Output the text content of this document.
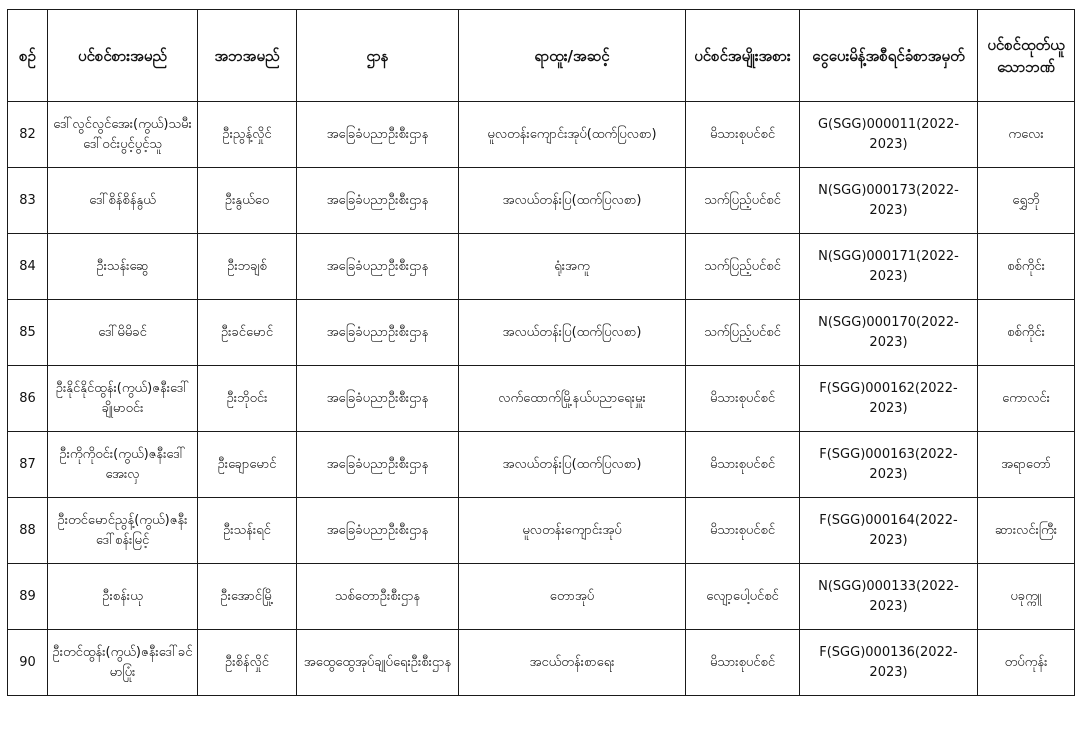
စဉ်	ပင်စင်စားအမည်	အဘအမည်	ဌာန	ရာထူး/အဆင့်	ပင်စင်အမျိုးအစား	ငွေပေးမိန့်အစီရင်ခံစာအမှတ်	ပင်စင်ထုတ်ယူသောဘဏ်
82	ဒေါ်လွင်လွင်အေး(ကွယ်)သမီးဒေါ်ဝင်းပွင့်ပွင့်သူ	ဦးညွန့်လှိုင်	အခြေခံပညာဦးစီးဌာန	မူလတန်းကျောင်းအုပ်(ထက်ပြလစာ)	မိသားစုပင်စင်	G(SGG)000011(2022-2023)	ကလေး
83	ဒေါ်စိန်စိန်နွယ်	ဦးနွယ်ဝေ	အခြေခံပညာဦးစီးဌာန	အလယ်တန်းပြ(ထက်ပြလစာ)	သက်ပြည့်ပင်စင်	N(SGG)000173(2022-2023)	ရွှေဘို
84	ဦးသန်းဆွေ	ဦးဘချစ်	အခြေခံပညာဦးစီးဌာန	ရုံးအကူ	သက်ပြည့်ပင်စင်	N(SGG)000171(2022-2023)	စစ်ကိုင်း
85	ဒေါ်မိမိခင်	ဦးခင်မောင်	အခြေခံပညာဦးစီးဌာန	အလယ်တန်းပြ(ထက်ပြလစာ)	သက်ပြည့်ပင်စင်	N(SGG)000170(2022-2023)	စစ်ကိုင်း
86	ဦးနိုင်နိုင်ထွန်း(ကွယ်)ဇနီးဒေါ်ချိုမာဝင်း	ဦးဘိုဝင်း	အခြေခံပညာဦးစီးဌာန	လက်ထောက်မြို့နယ်ပညာရေးမှူး	မိသားစုပင်စင်	F(SGG)000162(2022-2023)	ကောလင်း
87	ဦးကိုကိုဝင်း(ကွယ်)ဇနီးဒေါ်အေးလှ	ဦးချောမောင်	အခြေခံပညာဦးစီးဌာန	အလယ်တန်းပြ(ထက်ပြလစာ)	မိသားစုပင်စင်	F(SGG)000163(2022-2023)	အရာတော်
88	ဦးတင်မောင်ညွန့်(ကွယ်)ဇနီးဒေါ်စန်းမြင့်	ဦးသန်းရင်	အခြေခံပညာဦးစီးဌာန	မူလတန်းကျောင်းအုပ်	မိသားစုပင်စင်	F(SGG)000164(2022-2023)	ဆားလင်းကြီး
89	ဦးစန်းယု	ဦးအောင်မြို့	သစ်တောဦးစီးဌာန	တောအုပ်	လျော့ပေါ့ပင်စင်	N(SGG)000133(2022-2023)	ပခုက္ကူ
90	ဦးတင်ထွန်း(ကွယ်)ဇနီးဒေါ်ခင်မာပြုံး	ဦးစိန်လှိုင်	အထွေထွေအုပ်ချုပ်ရေးဦးစီးဌာန	အငယ်တန်းစာရေး	မိသားစုပင်စင်	F(SGG)000136(2022-2023)	တပ်ကုန်း
